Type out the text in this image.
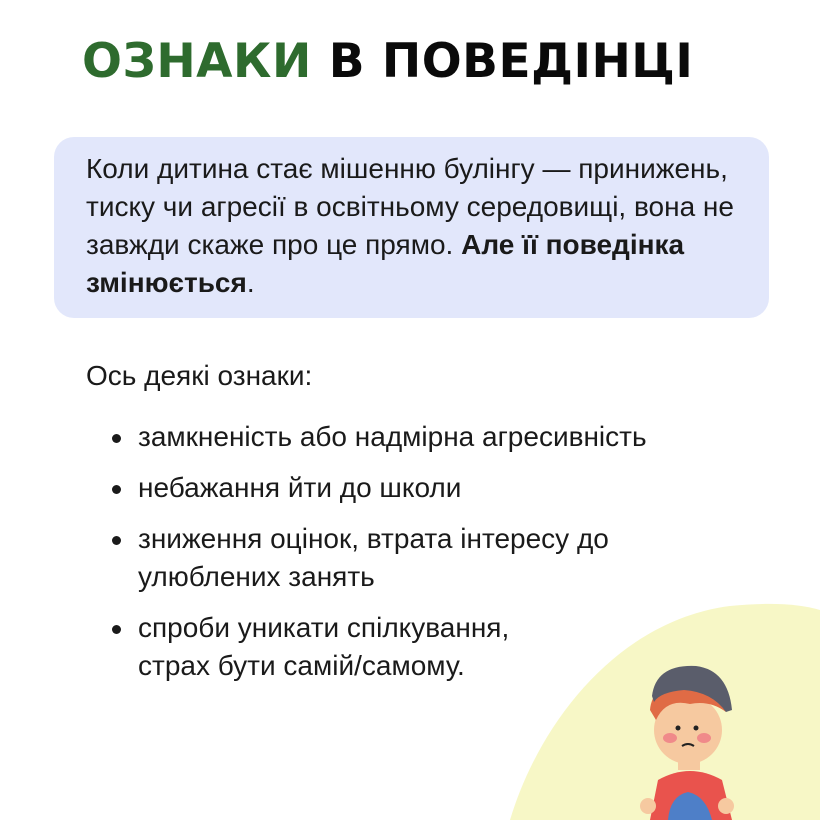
ОЗНАКИ В ПОВЕДІНЦІ

Коли дитина стає мішенню булінгу — принижень, тиску чи агресії в освітньому середовищі, вона не завжди скаже про це прямо. Але її поведінка змінюється.

Ось деякі ознаки:
замкненість або надмірна агресивність
небажання йти до школи
зниження оцінок, втрата інтересу до улюблених занять
спроби уникати спілкування, страх бути самій/самому.
